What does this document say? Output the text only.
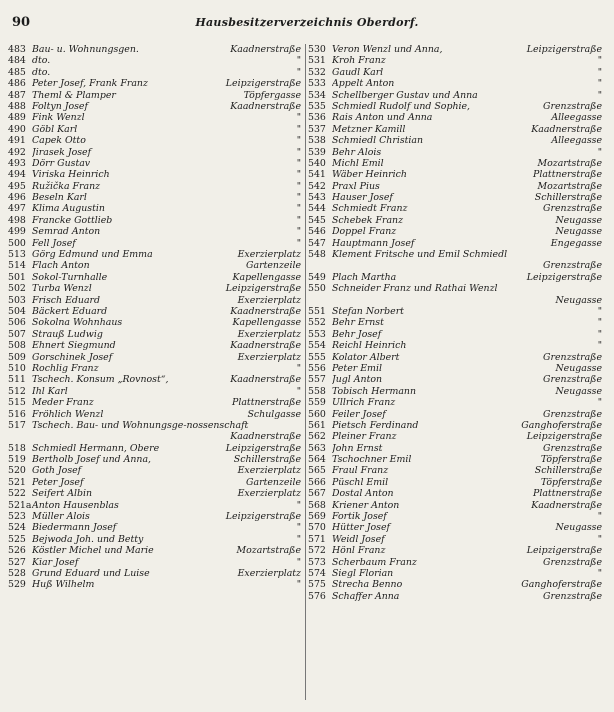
90	Hausbesitzerverzeichnis Oberdorf.
483 Bau- u. Wohnungsgen.	Kaadnerstraße
484 dto.	"
485 dto.	"
486 Peter Josef, Frank Franz	Leipzigerstraße
487 Theml & Plamper	Töpfergasse
488 Foltyn Josef	Kaadnerstraße
489 Fink Wenzl	"
490 Göbl Karl	"
491 Capek Otto	"
492 Jirasek Josef	"
493 Dörr Gustav	"
494 Viriska Heinrich	"
495 Ružička Franz	"
496 Beseln Karl	"
497 Klima Augustin	"
498 Francke Gottlieb	"
499 Semrad Anton	"
500 Fell Josef	"
513 Görg Edmund und Emma	Exerzierplatz
514 Flach Anton	Gartenzeile
501 Sokol-Turnhalle	Kapellengasse
502 Turba Wenzl	Leipzigerstraße
503 Frisch Eduard	Exerzierplatz
504 Bäckert Eduard	Kaadnerstraße
506 Sokolna Wohnhaus	Kapellengasse
507 Strauß Ludwig	Exerzierplatz
508 Ehnert Siegmund	Kaadnerstraße
509 Gorschinek Josef	Exerzierplatz
510 Rochlig Franz	"
511 Tschech. Konsum „Rovnost“,	Kaadnerstraße
512 Ihl Karl	"
515 Meder Franz	Plattnerstraße
516 Fröhlich Wenzl	Schulgasse
517 Tschech. Bau- und Wohnungsge-nossenschaft
Kaadnerstraße
518 Schmiedl Hermann, Obere	Leipzigerstraße
519 Bertholb Josef und Anna,	Schillerstraße
520 Goth Josef	Exerzierplatz
521 Peter Josef	Gartenzeile
522 Seifert Albin	Exerzierplatz
521a Anton Hausenblas	"
523 Müller Alois	Leipzigerstraße
524 Biedermann Josef	"
525 Bejwoda Joh. und Betty	"
526 Köstler Michel und Marie	Mozartstraße
527 Kiar Josef	"
528 Grund Eduard und Luise	Exerzierplatz
529 Huß Wilhelm	"
530 Veron Wenzl und Anna,	Leipzigerstraße
531 Kroh Franz	"
532 Gaudl Karl	"
533 Appelt Anton	"
534 Schellberger Gustav und Anna	"
535 Schmiedl Rudolf und Sophie,	Grenzstraße
536 Rais Anton und Anna	Alleegasse
537 Metzner Kamill	Kaadnerstraße
538 Schmiedl Christian	Alleegasse
539 Behr Alois	"
540 Michl Emil	Mozartstraße
541 Wäber Heinrich	Plattnerstraße
542 Praxl Pius	Mozartstraße
543 Hauser Josef	Schillerstraße
544 Schmiedt Franz	Grenzstraße
545 Schebek Franz	Neugasse
546 Doppel Franz	Neugasse
547 Hauptmann Josef	Engegasse
548 Klement Fritsche und Emil Schmiedl
Grenzstraße
549 Plach Martha	Leipzigerstraße
550 Schneider Franz und Rathai Wenzl
Neugasse
551 Stefan Norbert	"
552 Behr Ernst	"
553 Behr Josef	"
554 Reichl Heinrich	"
555 Kolator Albert	Grenzstraße
556 Peter Emil	Neugasse
557 Jugl Anton	Grenzstraße
558 Tobisch Hermann	Neugasse
559 Ullrich Franz	"
560 Feiler Josef	Grenzstraße
561 Pietsch Ferdinand	Ganghoferstraße
562 Pleiner Franz	Leipzigerstraße
563 John Ernst	Grenzstraße
564 Tschochner Emil	Töpferstraße
565 Fraul Franz	Schillerstraße
566 Püschl Emil	Töpferstraße
567 Dostal Anton	Plattnerstraße
568 Kriener Anton	Kaadnerstraße
569 Fortik Josef	"
570 Hütter Josef	Neugasse
571 Weidl Josef	"
572 Hönl Franz	Leipzigerstraße
573 Scherbaum Franz	Grenzstraße
574 Siegl Florian	"
575 Strecha Benno	Ganghoferstraße
576 Schaffer Anna	Grenzstraße
